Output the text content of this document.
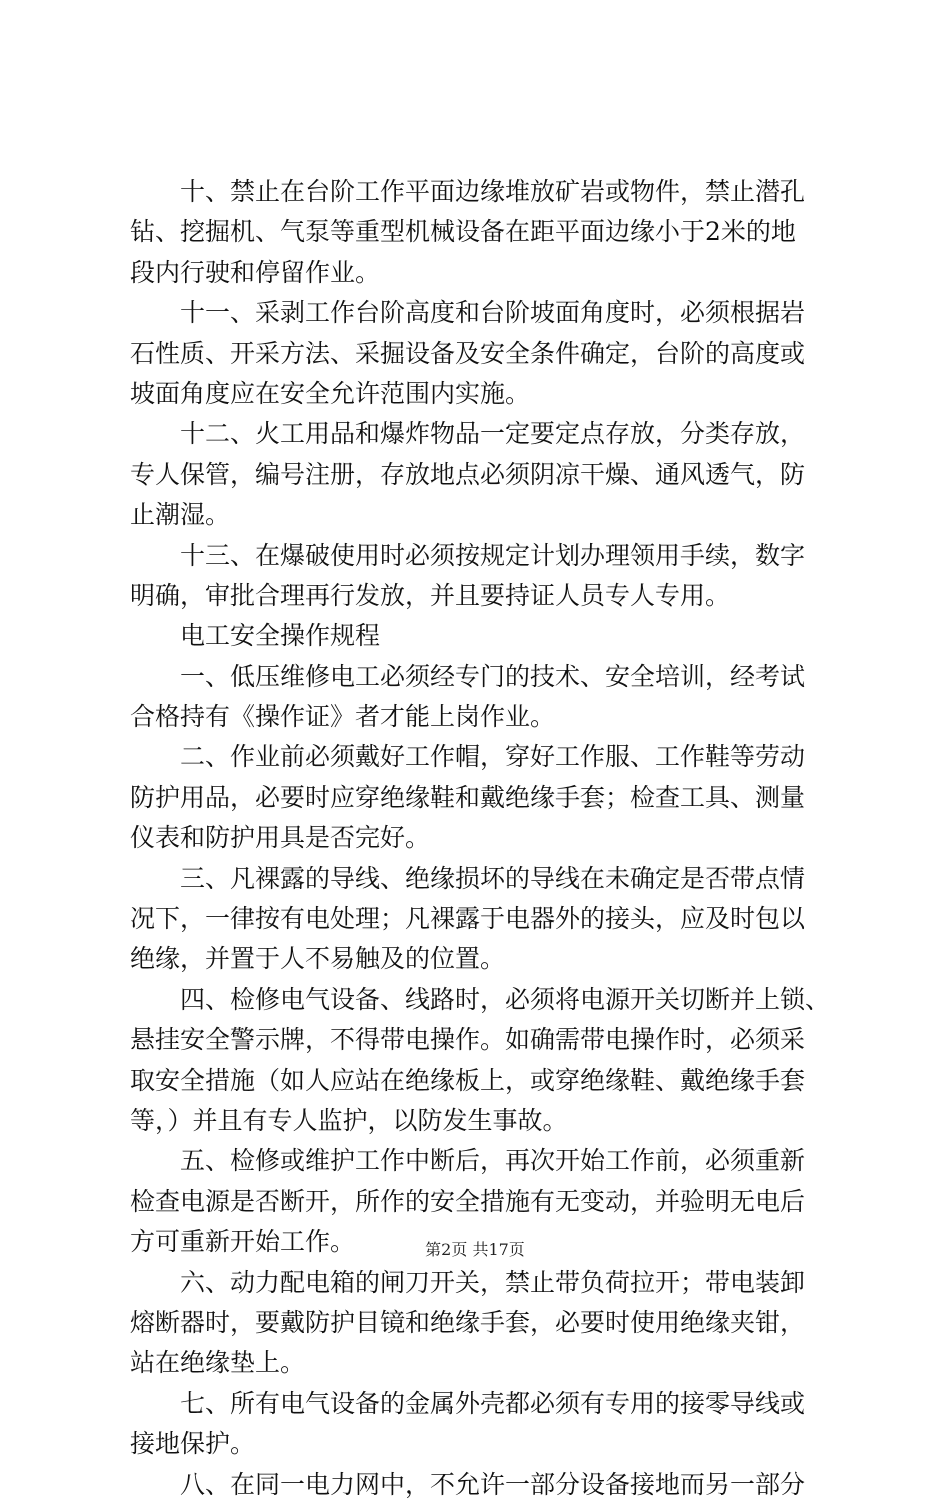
　　十、禁止在台阶工作平面边缘堆放矿岩或物件，禁止潜孔
钻、挖掘机、气泵等重型机械设备在距平面边缘小于2米的地
段内行驶和停留作业。
　　十一、采剥工作台阶高度和台阶坡面角度时，必须根据岩
石性质、开采方法、采掘设备及安全条件确定，台阶的高度或
坡面角度应在安全允许范围内实施。
　　十二、火工用品和爆炸物品一定要定点存放，分类存放，
专人保管，编号注册，存放地点必须阴凉干燥、通风透气，防
止潮湿。
　　十三、在爆破使用时必须按规定计划办理领用手续，数字
明确，审批合理再行发放，并且要持证人员专人专用。
　　电工安全操作规程
　　一、低压维修电工必须经专门的技术、安全培训，经考试
合格持有《操作证》者才能上岗作业。
　　二、作业前必须戴好工作帽，穿好工作服、工作鞋等劳动
防护用品，必要时应穿绝缘鞋和戴绝缘手套；检查工具、测量
仪表和防护用具是否完好。
　　三、凡裸露的导线、绝缘损坏的导线在未确定是否带点情
况下，一律按有电处理；凡裸露于电器外的接头，应及时包以
绝缘，并置于人不易触及的位置。
　　四、检修电气设备、线路时，必须将电源开关切断并上锁、
悬挂安全警示牌，不得带电操作。如确需带电操作时，必须采
取安全措施（如人应站在绝缘板上，或穿绝缘鞋、戴绝缘手套
等，）并且有专人监护，以防发生事故。
　　五、检修或维护工作中断后，再次开始工作前，必须重新
检查电源是否断开，所作的安全措施有无变动，并验明无电后
方可重新开始工作。
　　六、动力配电箱的闸刀开关，禁止带负荷拉开；带电装卸
熔断器时，要戴防护目镜和绝缘手套，必要时使用绝缘夹钳，
站在绝缘垫上。
　　七、所有电气设备的金属外壳都必须有专用的接零导线或
接地保护。
　　八、在同一电力网中，不允许一部分设备接地而另一部分
第2页 共17页
